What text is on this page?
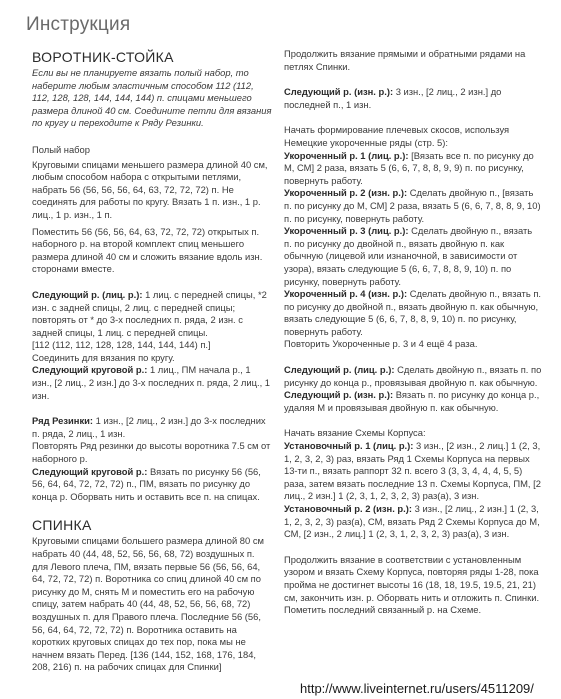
Инструкция
ВОРОТНИК-СТОЙКА

Если вы не планируете вязать полый набор, то наберите любым эластичным способом 112 (112, 112, 128, 128, 144, 144, 144) п. спицами меньшего размера длиной 40 см. Соедините петли для вязания по кругу и переходите к Ряду Резинки.

Полый набор

Круговыми спицами меньшего размера длиной 40 см, любым способом набора с открытыми петлями, набрать 56 (56, 56, 56, 64, 63, 72, 72, 72) п. Не соединять для работы по кругу. Вязать 1 п. изн., 1 р. лиц., 1 р. изн., 1 п.

Поместить 56 (56, 56, 64, 63, 72, 72, 72) открытых п. наборного р. на второй комплект спиц меньшего размера длиной 40 см и сложить вязание вдоль изн. сторонами вместе.

Следующий р. (лиц. р.): 1 лиц. с передней спицы, *2 изн. с задней спицы, 2 лиц. с передней спицы; повторять от * до 3-х последних п. ряда, 2 изн. с задней спицы, 1 лиц. с передней спицы.

[112 (112, 112, 128, 128, 144, 144, 144) п.]

Соединить для вязания по кругу.

Следующий круговой р.: 1 лиц., ПМ начала р., 1 изн., [2 лиц., 2 изн.] до 3-х последних п. ряда, 2 лиц., 1 изн.

Ряд Резинки: 1 изн., [2 лиц., 2 изн.] до 3-х последних п. ряда, 2 лиц., 1 изн.

Повторять Ряд резинки до высоты воротника 7.5 см от наборного р.

Следующий круговой р.: Вязать по рисунку 56 (56, 56, 64, 64, 72, 72, 72) п., ПМ, вязать по рисунку до конца р. Оборвать нить и оставить все п. на спицах.

СПИНКА

Круговыми спицами большего размера длиной 80 см набрать 40 (44, 48, 52, 56, 56, 68, 72) воздушных п. для Левого плеча, ПМ, вязать первые 56 (56, 56, 64, 64, 72, 72, 72) п. Воротника со спиц длиной 40 см по рисунку до М, снять М и поместить его на рабочую спицу, затем набрать 40 (44, 48, 52, 56, 56, 68, 72) воздушных п. для Правого плеча. Последние 56 (56, 56, 64, 64, 72, 72, 72) п. Воротника оставить на коротких круговых спицах до тех пор, пока мы не начнем вязать Перед. [136 (144, 152, 168, 176, 184, 208, 216) п. на рабочих спицах для Спинки]

Продолжить вязание прямыми и обратными рядами на петлях Спинки.

Следующий р. (изн. р.): 3 изн., [2 лиц., 2 изн.] до последней п., 1 изн.

Начать формирование плечевых скосов, используя Немецкие укороченные ряды (стр. 5):

Укороченный р. 1 (лиц. р.): [Вязать все п. по рисунку до М, СМ] 2 раза, вязать 5 (6, 6, 7, 8, 8, 9, 9) п. по рисунку, повернуть работу.

Укороченный р. 2 (изн. р.): Сделать двойную п., [вязать п. по рисунку до М, СМ] 2 раза, вязать 5 (6, 6, 7, 8, 8, 9, 10) п. по рисунку, повернуть работу.

Укороченный р. 3 (лиц. р.): Сделать двойную п., вязать п. по рисунку до двойной п., вязать двойную п. как обычную (лицевой или изнаночной, в зависимости от узора), вязать следующие 5 (6, 6, 7, 8, 8, 9, 10) п. по рисунку, повернуть работу.

Укороченный р. 4 (изн. р.): Сделать двойную п., вязать п. по рисунку до двойной п., вязать двойную п. как обычную, вязать следующие 5 (6, 6, 7, 8, 8, 9, 10) п. по рисунку, повернуть работу.

Повторить Укороченные р. 3 и 4 ещё 4 раза.

Следующий р. (лиц. р.): Сделать двойную п., вязать п. по рисунку до конца р., провязывая двойную п. как обычную.

Следующий р. (изн. р.): Вязать п. по рисунку до конца р., удаляя М и провязывая двойную п. как обычную.

Начать вязание Схемы Корпуса:

Установочный р. 1 (лиц. р.): 3 изн., [2 изн., 2 лиц.] 1 (2, 3, 1, 2, 3, 2, 3) раз, вязать Ряд 1 Схемы Корпуса на первых 13-ти п., вязать раппорт 32 п. всего 3 (3, 3, 4, 4, 4, 5, 5) раза, затем вязать последние 13 п. Схемы Корпуса, ПМ, [2 лиц., 2 изн.] 1 (2, 3, 1, 2, 3, 2, 3) раз(а), 3 изн.

Установочный р. 2 (изн. р.): 3 изн., [2 лиц., 2 изн.] 1 (2, 3, 1, 2, 3, 2, 3) раз(а), СМ, вязать Ряд 2 Схемы Корпуса до М, СМ, [2 изн., 2 лиц.] 1 (2, 3, 1, 2, 3, 2, 3) раз(а), 3 изн.

Продолжить вязание в соответствии с установленным узором и вязать Схему Корпуса, повторяя ряды 1-28, пока пройма не достигнет высоты 16 (18, 18, 19.5, 19.5, 21, 21) см, закончить изн. р. Оборвать нить и отложить п. Спинки. Пометить последний связанный р. на Схеме.

http://www.liveinternet.ru/users/4511209/
